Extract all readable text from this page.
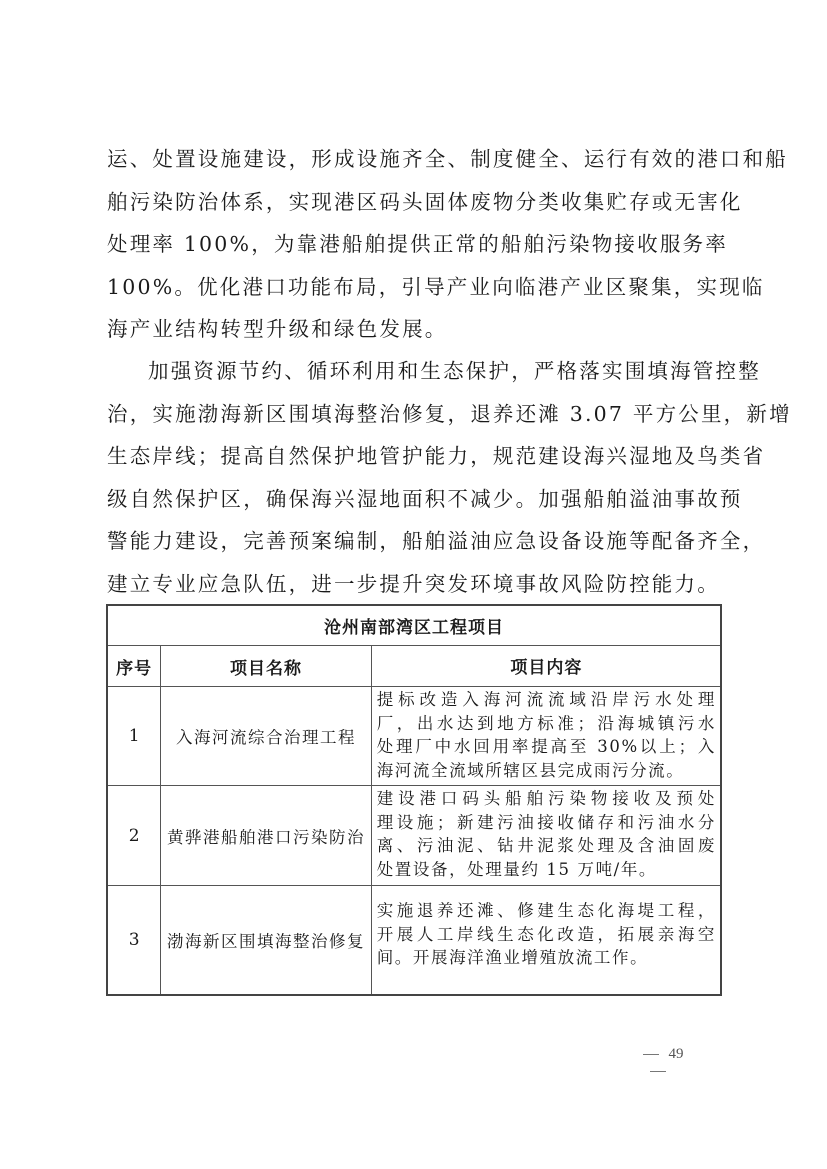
运、处置设施建设，形成设施齐全、制度健全、运行有效的港口和船
舶污染防治体系，实现港区码头固体废物分类收集贮存或无害化
处理率 100%，为靠港船舶提供正常的船舶污染物接收服务率
100%。优化港口功能布局，引导产业向临港产业区聚集，实现临
海产业结构转型升级和绿色发展。
加强资源节约、循环利用和生态保护，严格落实围填海管控整
治，实施渤海新区围填海整治修复，退养还滩 3.07 平方公里，新增
生态岸线；提高自然保护地管护能力，规范建设海兴湿地及鸟类省
级自然保护区，确保海兴湿地面积不减少。加强船舶溢油事故预
警能力建设，完善预案编制，船舶溢油应急设备设施等配备齐全，
建立专业应急队伍，进一步提升突发环境事故风险防控能力。
沧州南部湾区工程项目		
序号	项目名称	项目内容
1	入海河流综合治理工程	提标改造入海河流流域沿岸污水处理
厂，出水达到地方标准；沿海城镇污水
处理厂中水回用率提高至 30%以上；入
海河流全流域所辖区县完成雨污分流。

2	黄骅港船舶港口污染防治	建设港口码头船舶污染物接收及预处
理设施；新建污油接收储存和污油水分
离、污油泥、钻井泥浆处理及含油固废
处置设备，处理量约 15 万吨/年。

3	渤海新区围填海整治修复	实施退养还滩、修建生态化海堤工程，
开展人工岸线生态化改造，拓展亲海空
间。开展海洋渔业增殖放流工作。
49
